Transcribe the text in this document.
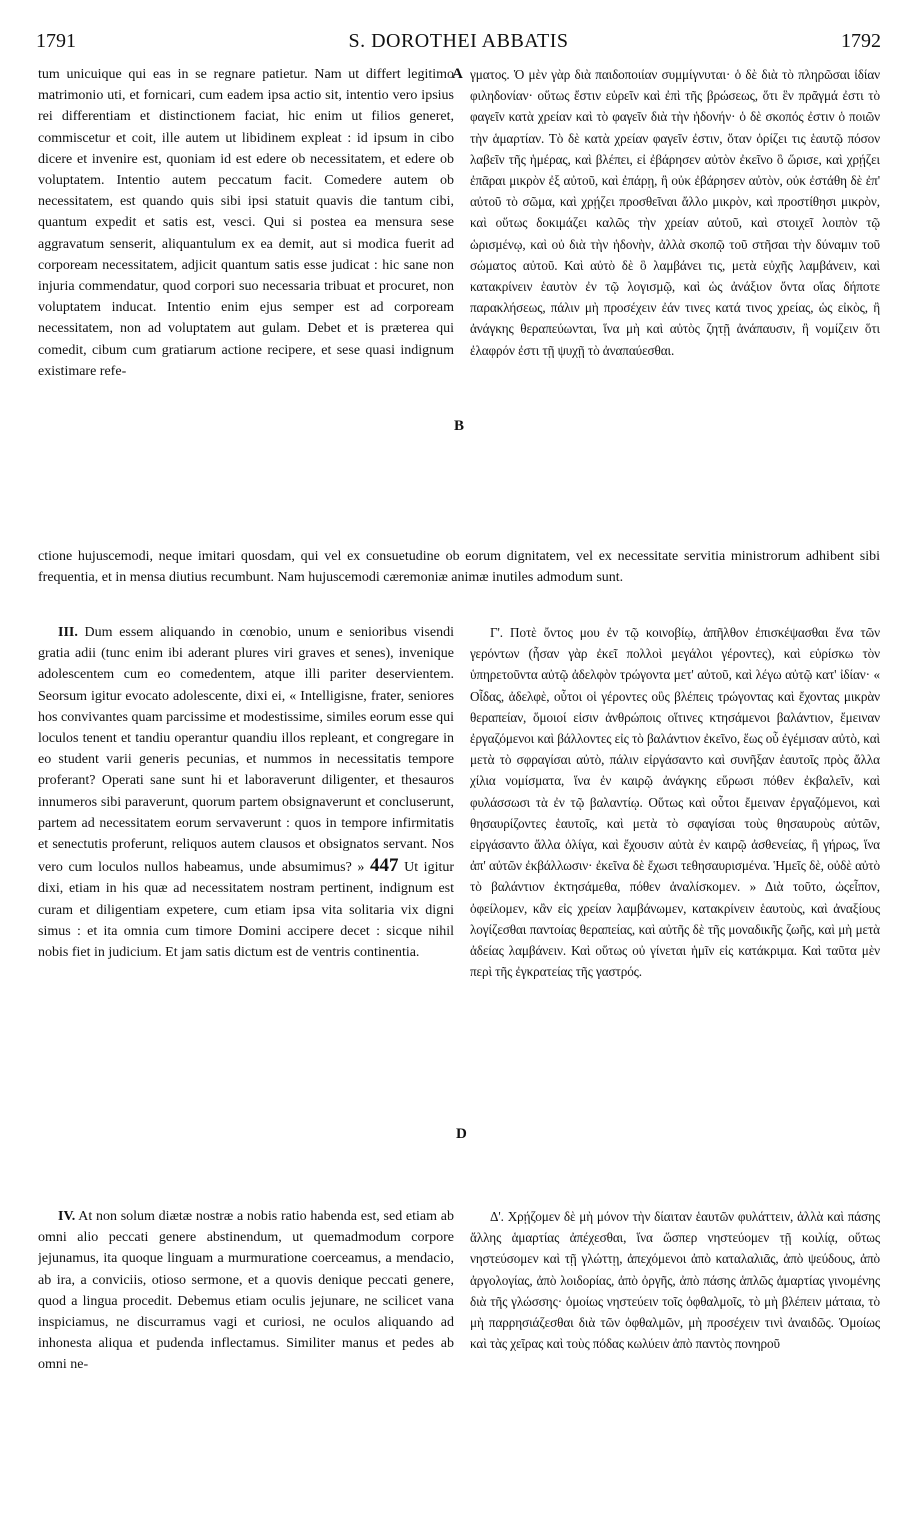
1791	S. DOROTHEI ABBATIS	1792
A
B
D

tum unicuique qui eas in se regnare patietur. Nam ut differt legitimo matrimonio uti, et fornicari, cum eadem ipsa actio sit, intentio vero ipsius rei differentiam et distinctionem faciat, hic enim ut filios generet, commiscetur et coit, ille autem ut libidinem expleat : id ipsum in cibo dicere et invenire est, quoniam id est edere ob necessitatem, et edere ob voluptatem. Intentio autem peccatum facit. Comedere autem ob necessitatem, est quando quis sibi ipsi statuit quavis die tantum cibi, quantum expedit et satis est, vesci. Qui si postea ea mensura sese aggravatum senserit, aliquantulum ex ea demit, aut si modica fuerit ad corpoream necessitatem, adjicit quantum satis esse judicat : hic sane non injuria commendatur, quod corpori suo necessaria tribuat et procuret, non voluptatem inducat. Intentio enim ejus semper est ad corpoream necessitatem, non ad voluptatem aut gulam. Debet et is præterea qui comedit, cibum cum gratiarum actione recipere, et sese quasi indignum existimare refe-

γματος. Ὁ μὲν γὰρ διὰ παιδοποιίαν συμμίγνυται· ὁ δὲ διὰ τὸ πληρῶσαι ἰδίαν φιληδονίαν· οὕτως ἔστιν εὑρεῖν καὶ ἐπὶ τῆς βρώσεως, ὅτι ἓν πρᾶγμά ἐστι τὸ φαγεῖν κατὰ χρείαν καὶ τὸ φαγεῖν διὰ τὴν ἡδονήν· ὁ δὲ σκοπός ἐστιν ὁ ποιῶν τὴν ἁμαρτίαν. Τὸ δὲ κατὰ χρείαν φαγεῖν ἐστιν, ὅταν ὁρίζει τις ἑαυτῷ πόσον λαβεῖν τῆς ἡμέρας, καὶ βλέπει, εἰ ἐβάρησεν αὐτὸν ἐκεῖνο ὃ ὥρισε, καὶ χρῄζει ἐπᾶραι μικρὸν ἐξ αὐτοῦ, καὶ ἐπάρῃ, ἢ οὐκ ἐβάρησεν αὐτὸν, οὐκ ἐστάθη δὲ ἐπ' αὐτοῦ τὸ σῶμα, καὶ χρῄζει προσθεῖναι ἄλλο μικρὸν, καὶ προστίθησι μικρὸν, καὶ οὕτως δοκιμάζει καλῶς τὴν χρείαν αὐτοῦ, καὶ στοιχεῖ λοιπὸν τῷ ὡρισμένῳ, καὶ οὐ διὰ τὴν ἡδονὴν, ἀλλὰ σκοπῷ τοῦ στῆσαι τὴν δύναμιν τοῦ σώματος αὐτοῦ. Καὶ αὐτὸ δὲ ὃ λαμβάνει τις, μετὰ εὐχῆς λαμβάνειν, καὶ κατακρίνειν ἑαυτὸν ἐν τῷ λογισμῷ, καὶ ὡς ἀνάξιον ὄντα οἵας δήποτε παρακλήσεως, πάλιν μὴ προσέχειν ἐάν τινες κατά τινος χρείας, ὡς εἰκὸς, ἢ ἀνάγκης θεραπεύωνται, ἵνα μὴ καὶ αὐτὸς ζητῇ ἀνάπαυσιν, ἢ νομίζειν ὅτι ἐλαφρόν ἐστι τῇ ψυχῇ τὸ ἀναπαύεσθαι.

ctione hujuscemodi, neque imitari quosdam, qui vel ex consuetudine ob eorum dignitatem, vel ex necessitate servitia ministrorum adhibent sibi frequentia, et in mensa diutius recumbunt. Nam hujuscemodi cæremoniæ animæ inutiles admodum sunt.

III. Dum essem aliquando in cœnobio, unum e senioribus visendi gratia adii (tunc enim ibi aderant plures viri graves et senes), invenique adolescentem cum eo comedentem, atque illi pariter deservientem. Seorsum igitur evocato adolescente, dixi ei, « Intelligisne, frater, seniores hos convivantes quam parcissime et modestissime, similes eorum esse qui loculos tenent et tandiu operantur quandiu illos repleant, et congregare in eo student varii generis pecunias, et nummos in necessitatis tempore proferant? Operati sane sunt hi et laboraverunt diligenter, et thesauros innumeros sibi paraverunt, quorum partem obsignaverunt et concluserunt, partem ad necessitatem eorum servaverunt : quos in tempore infirmitatis et senectutis proferunt, reliquos autem clausos et obsignatos servant. Nos vero cum loculos nullos habeamus, unde absumimus? » 447 Ut igitur dixi, etiam in his quæ ad necessitatem nostram pertinent, indignum est curam et diligentiam expetere, cum etiam ipsa vita solitaria vix digni simus : et ita omnia cum timore Domini accipere decet : sicque nihil nobis fiet in judicium. Et jam satis dictum est de ventris continentia.

Γ'. Ποτὲ ὄντος μου ἐν τῷ κοινοβίῳ, ἀπῆλθον ἐπισκέψασθαι ἕνα τῶν γερόντων (ἦσαν γὰρ ἐκεῖ πολλοὶ μεγάλοι γέροντες), καὶ εὑρίσκω τὸν ὑπηρετοῦντα αὐτῷ ἀδελφὸν τρώγοντα μετ' αὐτοῦ, καὶ λέγω αὐτῷ κατ' ἰδίαν· « Οἶδας, ἀδελφὲ, οὗτοι οἱ γέροντες οὓς βλέπεις τρώγοντας καὶ ἔχοντας μικρὰν θεραπείαν, ὅμοιοί εἰσιν ἀνθρώποις οἵτινες κτησάμενοι βαλάντιον, ἔμειναν ἐργαζόμενοι καὶ βάλλοντες εἰς τὸ βαλάντιον ἐκεῖνο, ἕως οὗ ἐγέμισαν αὐτὸ, καὶ μετὰ τὸ σφραγίσαι αὐτὸ, πάλιν εἰργάσαντο καὶ συνῆξαν ἑαυτοῖς πρὸς ἄλλα χίλια νομίσματα, ἵνα ἐν καιρῷ ἀνάγκης εὕρωσι πόθεν ἐκβαλεῖν, καὶ φυλάσσωσι τὰ ἐν τῷ βαλαντίῳ. Οὕτως καὶ οὗτοι ἔμειναν ἐργαζόμενοι, καὶ θησαυρίζοντες ἑαυτοῖς, καὶ μετὰ τὸ σφαγίσαι τοὺς θησαυροὺς αὐτῶν, εἰργάσαντο ἄλλα ὀλίγα, καὶ ἔχουσιν αὐτὰ ἐν καιρῷ ἀσθενείας, ἢ γήρως, ἵνα ἀπ' αὐτῶν ἐκβάλλωσιν· ἐκεῖνα δὲ ἔχωσι τεθησαυρισμένα. Ἡμεῖς δὲ, οὐδὲ αὐτὸ τὸ βαλάντιον ἐκτησάμεθα, πόθεν ἀναλίσκομεν. » Διὰ τοῦτο, ὡςεἶπον, ὀφείλομεν, κἂν εἰς χρείαν λαμβάνωμεν, κατακρίνειν ἑαυτοὺς, καὶ ἀναξίους λογίζεσθαι παντοίας θεραπείας, καὶ αὐτῆς δὲ τῆς μοναδικῆς ζωῆς, καὶ μὴ μετὰ ἀδείας λαμβάνειν. Καὶ οὕτως οὐ γίνεται ἡμῖν εἰς κατάκριμα. Καὶ ταῦτα μὲν περὶ τῆς ἐγκρατείας τῆς γαστρός.

IV. At non solum diætæ nostræ a nobis ratio habenda est, sed etiam ab omni alio peccati genere abstinendum, ut quemadmodum corpore jejunamus, ita quoque linguam a murmuratione coerceamus, a mendacio, ab ira, a conviciis, otioso sermone, et a quovis denique peccati genere, quod a lingua procedit. Debemus etiam oculis jejunare, ne scilicet vana inspiciamus, ne discurramus vagi et curiosi, ne oculos aliquando ad inhonesta aliqua et pudenda inflectamus. Similiter manus et pedes ab omni ne-

Δ'. Χρῄζομεν δὲ μὴ μόνον τὴν δίαιταν ἑαυτῶν φυλάττειν, ἀλλὰ καὶ πάσης ἄλλης ἁμαρτίας ἀπέχεσθαι, ἵνα ὥσπερ νηστεύομεν τῇ κοιλίᾳ, οὕτως νηστεύσομεν καὶ τῇ γλώττῃ, ἀπεχόμενοι ἀπὸ καταλαλιᾶς, ἀπὸ ψεύδους, ἀπὸ ἀργολογίας, ἀπὸ λοιδορίας, ἀπὸ ὀργῆς, ἀπὸ πάσης ἁπλῶς ἁμαρτίας γινομένης διὰ τῆς γλώσσης· ὁμοίως νηστεύειν τοῖς ὀφθαλμοῖς, τὸ μὴ βλέπειν μάταια, τὸ μὴ παρρησιάζεσθαι διὰ τῶν ὀφθαλμῶν, μὴ προσέχειν τινὶ ἀναιδῶς. Ὁμοίως καὶ τὰς χεῖρας καὶ τοὺς πόδας κωλύειν ἀπὸ παντὸς πονηροῦ
